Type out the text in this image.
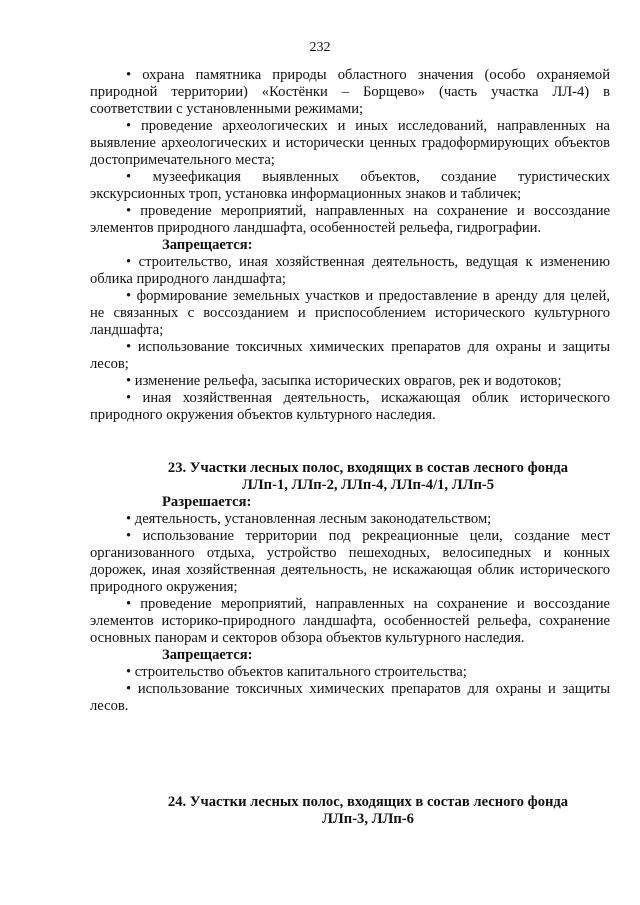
232

• охрана памятника природы областного значения (особо охраняемой природной территории) «Костёнки – Борщево» (часть участка ЛЛ-4) в соответствии с установленными режимами;

• проведение археологических и иных исследований, направленных на выявление археологических и исторически ценных градоформирующих объектов достопримечательного места;

• музеефикация выявленных объектов, создание туристических экскурсионных троп, установка информационных знаков и табличек;

• проведение мероприятий, направленных на сохранение и воссоздание элементов природного ландшафта, особенностей рельефа, гидрографии.

Запрещается:

• строительство, иная хозяйственная деятельность, ведущая к изменению облика природного ландшафта;

• формирование земельных участков и предоставление в аренду для целей, не связанных с воссозданием и приспособлением исторического культурного ландшафта;

• использование токсичных химических препаратов для охраны и защиты лесов;

• изменение рельефа, засыпка исторических оврагов, рек и водотоков;

• иная хозяйственная деятельность, искажающая облик исторического природного окружения объектов культурного наследия.

23. Участки лесных полос, входящих в состав лесного фонда

ЛЛп-1, ЛЛп-2, ЛЛп-4, ЛЛп-4/1, ЛЛп-5

Разрешается:

• деятельность, установленная лесным законодательством;

• использование территории под рекреационные цели, создание мест организованного отдыха, устройство пешеходных, велосипедных и конных дорожек, иная хозяйственная деятельность, не искажающая облик исторического природного окружения;

• проведение мероприятий, направленных на сохранение и воссоздание элементов историко-природного ландшафта, особенностей рельефа, сохранение основных панорам и секторов обзора объектов культурного наследия.

Запрещается:

• строительство объектов капитального строительства;

• использование токсичных химических препаратов для охраны и защиты лесов.

24. Участки лесных полос, входящих в состав лесного фонда

ЛЛп-3, ЛЛп-6
